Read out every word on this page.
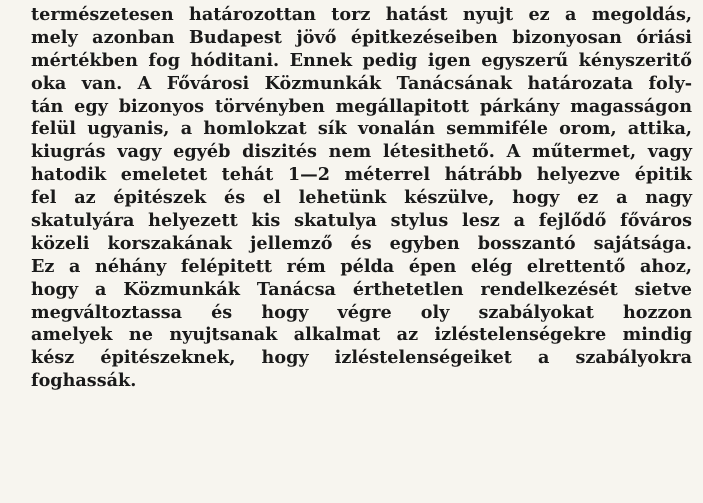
természetesen határozottan torz hatást nyujt ez a megoldás,
mely azonban Budapest jövő épitkezéseiben bizonyosan óriási
mértékben fog hóditani. Ennek pedig igen egyszerű kényszeritő
oka van. A Fővárosi Közmunkák Tanácsának határozata foly-
tán egy bizonyos törvényben megállapitott párkány magasságon
felül ugyanis, a homlokzat sík vonalán semmiféle orom, attika,
kiugrás vagy egyéb diszités nem létesithető. A műtermet, vagy
hatodik emeletet tehát 1—2 méterrel hátrább helyezve épitik
fel az épitészek és el lehetünk készülve, hogy ez a nagy
skatulyára helyezett kis skatulya stylus lesz a fejlődő főváros
közeli korszakának jellemző és egyben bosszantó sajátsága.
Ez a néhány felépitett rém példa épen elég elrettentő ahoz,
hogy a Közmunkák Tanácsa érthetetlen rendelkezését sietve
megváltoztassa és hogy végre oly szabályokat hozzon
amelyek ne nyujtsanak alkalmat az izléstelenségekre mindig
kész épitészeknek, hogy izléstelenségeiket a szabályokra
foghassák.
